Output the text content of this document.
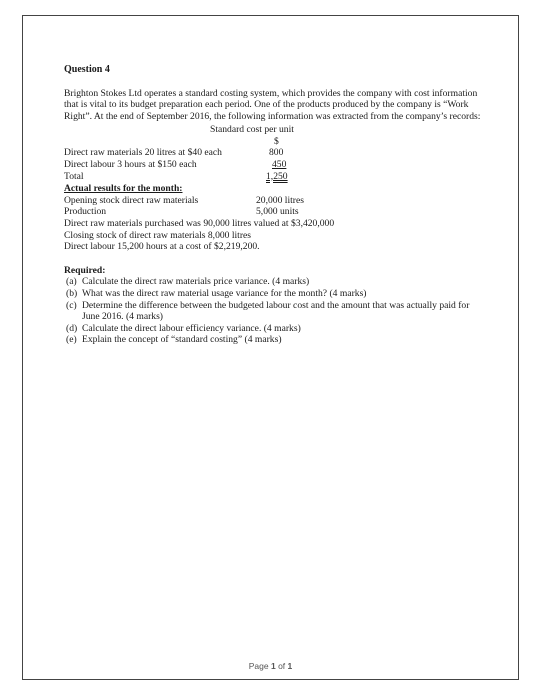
Question 4
Brighton Stokes Ltd operates a standard costing system, which provides the company with cost information that is vital to its budget preparation each period. One of the products produced by the company is “Work Right”. At the end of September 2016, the following information was extracted from the company’s records:
Standard cost per unit
$
Direct raw materials 20 litres at $40 each	800
Direct labour 3 hours at $150 each	450
Total	1,250
Actual results for the month:
Opening stock direct raw materials	20,000 litres
Production	5,000 units
Direct raw materials purchased was 90,000 litres valued at $3,420,000
Closing stock of direct raw materials 8,000 litres
Direct labour 15,200 hours at a cost of $2,219,200.
Required:
(a) Calculate the direct raw materials price variance. (4 marks)
(b) What was the direct raw material usage variance for the month? (4 marks)
(c) Determine the difference between the budgeted labour cost and the amount that was actually paid for June 2016. (4 marks)
(d) Calculate the direct labour efficiency variance. (4 marks)
(e) Explain the concept of “standard costing” (4 marks)
Page 1 of 1
